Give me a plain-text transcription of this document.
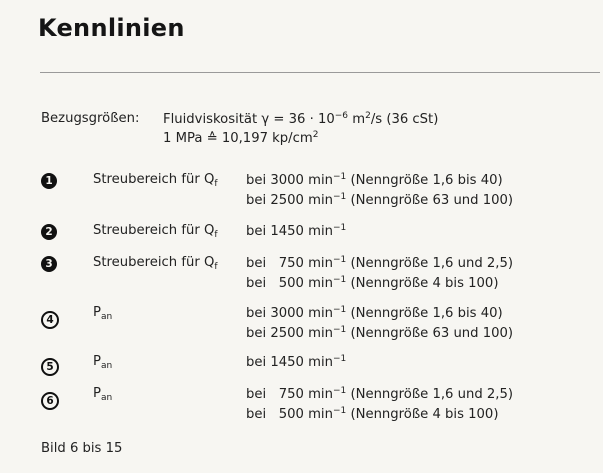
Kennlinien
Bezugsgrößen: Fluidviskosität $\gamma = 36 \cdot 10^{-6}$ $m^2/s$ (36 cSt)
1 MPa ≙ 10,197 $kp/cm^2$
1	Streubereich für $Q_f$ bei 3000 $\min^{-1}$ (Nenngröße 1,6 bis 40)
bei 2500 $\min^{-1}$ (Nenngröße 63 und 100)
2	Streubereich für $Q_f$ bei 1450 $\min^{-1}$
3	Streubereich für $Q_f$ bei   750 $\min^{-1}$ (Nenngröße 1,6 und 2,5)
bei   500 $\min^{-1}$ (Nenngröße 4 bis 100)
4	$P_{an}$	bei 3000 $\min^{-1}$ (Nenngröße 1,6 bis 40)
bei 2500 $\min^{-1}$ (Nenngröße 63 und 100)
5	$P_{an}$	bei 1450 $\min^{-1}$
6	$P_{an}$	bei   750 $\min^{-1}$ (Nenngröße 1,6 und 2,5)
bei   500 $\min^{-1}$ (Nenngröße 4 bis 100)
Bild 6 bis 15
